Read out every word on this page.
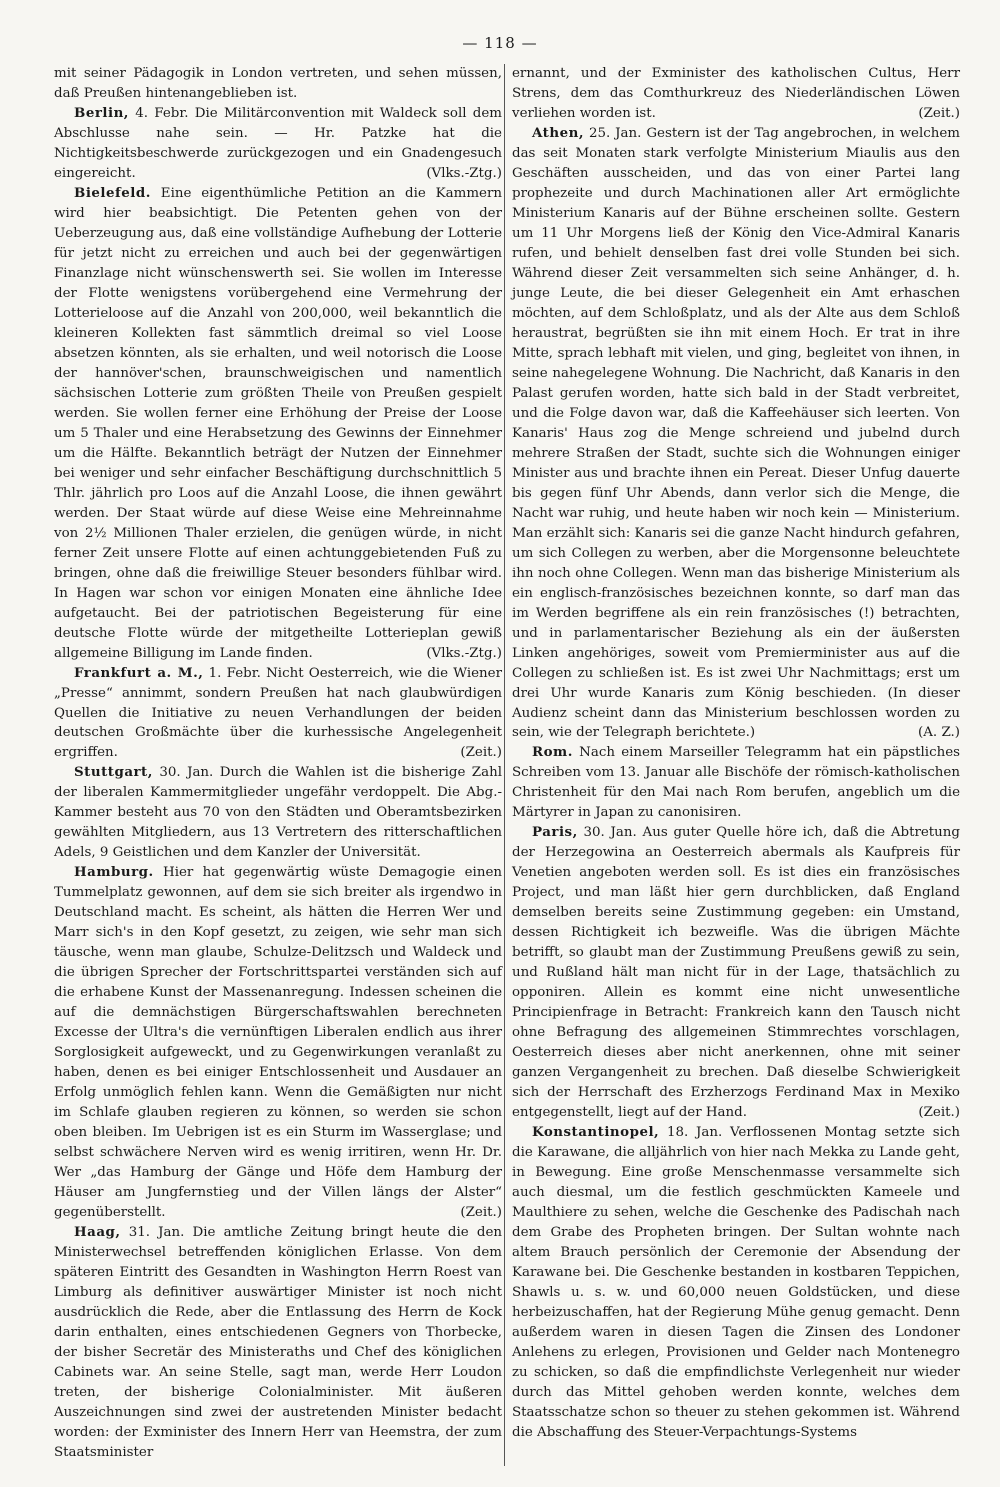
— 118 —

mit seiner Pädagogik in London vertreten, und sehen müssen, daß Preußen hintenangeblieben ist.

Berlin, 4. Febr. Die Militärconvention mit Waldeck soll dem Abschlusse nahe sein. — Hr. Patzke hat die Nichtigkeitsbeschwerde zurückgezogen und ein Gnadengesuch eingereicht.	(Vlks.-Ztg.)

Bielefeld. Eine eigenthümliche Petition an die Kammern wird hier beabsichtigt. Die Petenten gehen von der Ueberzeugung aus, daß eine vollständige Aufhebung der Lotterie für jetzt nicht zu erreichen und auch bei der gegenwärtigen Finanzlage nicht wünschenswerth sei. Sie wollen im Interesse der Flotte wenigstens vorübergehend eine Vermehrung der Lotterieloose auf die Anzahl von 200,000, weil bekanntlich die kleineren Kollekten fast sämmtlich dreimal so viel Loose absetzen könnten, als sie erhalten, und weil notorisch die Loose der hannöver'schen, braunschweigischen und namentlich sächsischen Lotterie zum größten Theile von Preußen gespielt werden. Sie wollen ferner eine Erhöhung der Preise der Loose um 5 Thaler und eine Herabsetzung des Gewinns der Einnehmer um die Hälfte. Bekanntlich beträgt der Nutzen der Einnehmer bei weniger und sehr einfacher Beschäftigung durchschnittlich 5 Thlr. jährlich pro Loos auf die Anzahl Loose, die ihnen gewährt werden. Der Staat würde auf diese Weise eine Mehreinnahme von 2½ Millionen Thaler erzielen, die genügen würde, in nicht ferner Zeit unsere Flotte auf einen achtunggebietenden Fuß zu bringen, ohne daß die freiwillige Steuer besonders fühlbar wird. In Hagen war schon vor einigen Monaten eine ähnliche Idee aufgetaucht. Bei der patriotischen Begeisterung für eine deutsche Flotte würde der mitgetheilte Lotterieplan gewiß allgemeine Billigung im Lande finden.	(Vlks.-Ztg.)

Frankfurt a. M., 1. Febr. Nicht Oesterreich, wie die Wiener „Presse“ annimmt, sondern Preußen hat nach glaubwürdigen Quellen die Initiative zu neuen Verhandlungen der beiden deutschen Großmächte über die kurhessische Angelegenheit ergriffen.	(Zeit.)

Stuttgart, 30. Jan. Durch die Wahlen ist die bisherige Zahl der liberalen Kammermitglieder ungefähr verdoppelt. Die Abg.-Kammer besteht aus 70 von den Städten und Oberamtsbezirken gewählten Mitgliedern, aus 13 Vertretern des ritterschaftlichen Adels, 9 Geistlichen und dem Kanzler der Universität.

Hamburg. Hier hat gegenwärtig wüste Demagogie einen Tummelplatz gewonnen, auf dem sie sich breiter als irgendwo in Deutschland macht. Es scheint, als hätten die Herren Wer und Marr sich's in den Kopf gesetzt, zu zeigen, wie sehr man sich täusche, wenn man glaube, Schulze-Delitzsch und Waldeck und die übrigen Sprecher der Fortschrittspartei verständen sich auf die erhabene Kunst der Massenanregung. Indessen scheinen die auf die demnächstigen Bürgerschaftswahlen berechneten Excesse der Ultra's die vernünftigen Liberalen endlich aus ihrer Sorglosigkeit aufgeweckt, und zu Gegenwirkungen veranlaßt zu haben, denen es bei einiger Entschlossenheit und Ausdauer an Erfolg unmöglich fehlen kann. Wenn die Gemäßigten nur nicht im Schlafe glauben regieren zu können, so werden sie schon oben bleiben. Im Uebrigen ist es ein Sturm im Wasserglase; und selbst schwächere Nerven wird es wenig irritiren, wenn Hr. Dr. Wer „das Hamburg der Gänge und Höfe dem Hamburg der Häuser am Jungfernstieg und der Villen längs der Alster“ gegenüberstellt.	(Zeit.)

Haag, 31. Jan. Die amtliche Zeitung bringt heute die den Ministerwechsel betreffenden königlichen Erlasse. Von dem späteren Eintritt des Gesandten in Washington Herrn Roest van Limburg als definitiver auswärtiger Minister ist noch nicht ausdrücklich die Rede, aber die Entlassung des Herrn de Kock darin enthalten, eines entschiedenen Gegners von Thorbecke, der bisher Secretär des Ministeraths und Chef des königlichen Cabinets war. An seine Stelle, sagt man, werde Herr Loudon treten, der bisherige Colonialminister. Mit äußeren Auszeichnungen sind zwei der austretenden Minister bedacht worden: der Exminister des Innern Herr van Heemstra, der zum Staatsminister

ernannt, und der Exminister des katholischen Cultus, Herr Strens, dem das Comthurkreuz des Niederländischen Löwen verliehen worden ist.	(Zeit.)

Athen, 25. Jan. Gestern ist der Tag angebrochen, in welchem das seit Monaten stark verfolgte Ministerium Miaulis aus den Geschäften ausscheiden, und das von einer Partei lang prophezeite und durch Machinationen aller Art ermöglichte Ministerium Kanaris auf der Bühne erscheinen sollte. Gestern um 11 Uhr Morgens ließ der König den Vice-Admiral Kanaris rufen, und behielt denselben fast drei volle Stunden bei sich. Während dieser Zeit versammelten sich seine Anhänger, d. h. junge Leute, die bei dieser Gelegenheit ein Amt erhaschen möchten, auf dem Schloßplatz, und als der Alte aus dem Schloß heraustrat, begrüßten sie ihn mit einem Hoch. Er trat in ihre Mitte, sprach lebhaft mit vielen, und ging, begleitet von ihnen, in seine nahegelegene Wohnung. Die Nachricht, daß Kanaris in den Palast gerufen worden, hatte sich bald in der Stadt verbreitet, und die Folge davon war, daß die Kaffeehäuser sich leerten. Von Kanaris' Haus zog die Menge schreiend und jubelnd durch mehrere Straßen der Stadt, suchte sich die Wohnungen einiger Minister aus und brachte ihnen ein Pereat. Dieser Unfug dauerte bis gegen fünf Uhr Abends, dann verlor sich die Menge, die Nacht war ruhig, und heute haben wir noch kein — Ministerium. Man erzählt sich: Kanaris sei die ganze Nacht hindurch gefahren, um sich Collegen zu werben, aber die Morgensonne beleuchtete ihn noch ohne Collegen. Wenn man das bisherige Ministerium als ein englisch-französisches bezeichnen konnte, so darf man das im Werden begriffene als ein rein französisches (!) betrachten, und in parlamentarischer Beziehung als ein der äußersten Linken angehöriges, soweit vom Premierminister aus auf die Collegen zu schließen ist. Es ist zwei Uhr Nachmittags; erst um drei Uhr wurde Kanaris zum König beschieden. (In dieser Audienz scheint dann das Ministerium beschlossen worden zu sein, wie der Telegraph berichtete.)	(A. Z.)

Rom. Nach einem Marseiller Telegramm hat ein päpstliches Schreiben vom 13. Januar alle Bischöfe der römisch-katholischen Christenheit für den Mai nach Rom berufen, angeblich um die Märtyrer in Japan zu canonisiren.

Paris, 30. Jan. Aus guter Quelle höre ich, daß die Abtretung der Herzegowina an Oesterreich abermals als Kaufpreis für Venetien angeboten werden soll. Es ist dies ein französisches Project, und man läßt hier gern durchblicken, daß England demselben bereits seine Zustimmung gegeben: ein Umstand, dessen Richtigkeit ich bezweifle. Was die übrigen Mächte betrifft, so glaubt man der Zustimmung Preußens gewiß zu sein, und Rußland hält man nicht für in der Lage, thatsächlich zu opponiren. Allein es kommt eine nicht unwesentliche Principienfrage in Betracht: Frankreich kann den Tausch nicht ohne Befragung des allgemeinen Stimmrechtes vorschlagen, Oesterreich dieses aber nicht anerkennen, ohne mit seiner ganzen Vergangenheit zu brechen. Daß dieselbe Schwierigkeit sich der Herrschaft des Erzherzogs Ferdinand Max in Mexiko entgegenstellt, liegt auf der Hand.	(Zeit.)

Konstantinopel, 18. Jan. Verflossenen Montag setzte sich die Karawane, die alljährlich von hier nach Mekka zu Lande geht, in Bewegung. Eine große Menschenmasse versammelte sich auch diesmal, um die festlich geschmückten Kameele und Maulthiere zu sehen, welche die Geschenke des Padischah nach dem Grabe des Propheten bringen. Der Sultan wohnte nach altem Brauch persönlich der Ceremonie der Absendung der Karawane bei. Die Geschenke bestanden in kostbaren Teppichen, Shawls u. s. w. und 60,000 neuen Goldstücken, und diese herbeizuschaffen, hat der Regierung Mühe genug gemacht. Denn außerdem waren in diesen Tagen die Zinsen des Londoner Anlehens zu erlegen, Provisionen und Gelder nach Montenegro zu schicken, so daß die empfindlichste Verlegenheit nur wieder durch das Mittel gehoben werden konnte, welches dem Staatsschatze schon so theuer zu stehen gekommen ist. Während die Abschaffung des Steuer-Verpachtungs-Systems
